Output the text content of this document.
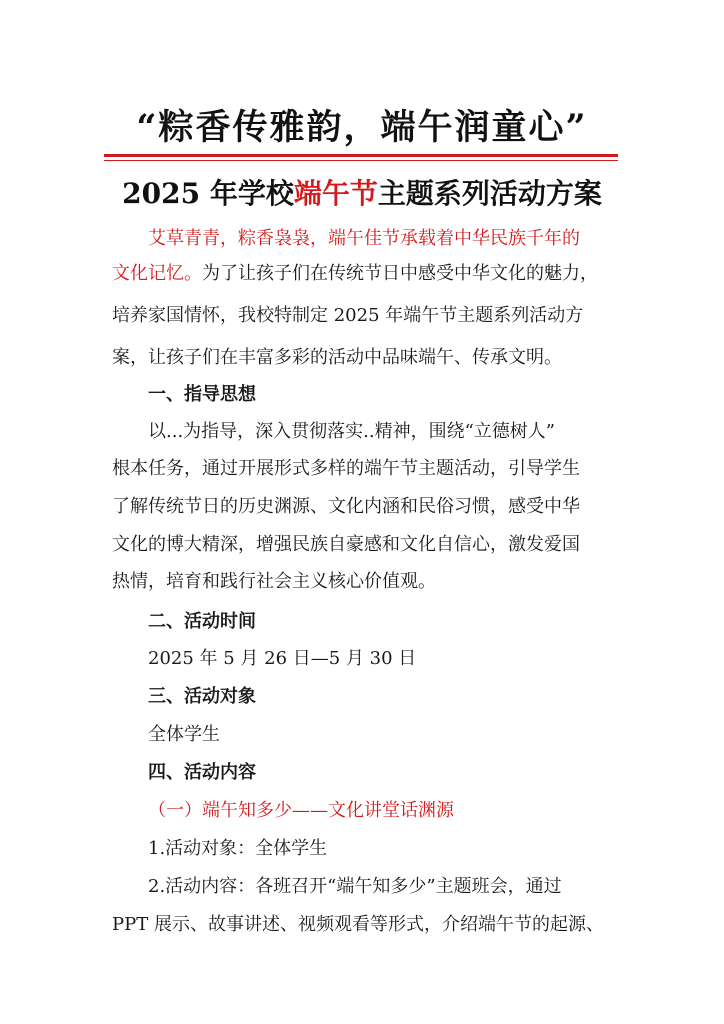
“粽香传雅韵，端午润童心”
2025 年学校端午节主题系列活动方案
艾草青青，粽香袅袅，端午佳节承载着中华民族千年的
文化记忆。为了让孩子们在传统节日中感受中华文化的魅力，
培养家国情怀，我校特制定 2025 年端午节主题系列活动方
案，让孩子们在丰富多彩的活动中品味端午、传承文明。
一、指导思想
以...为指导，深入贯彻落实..精神，围绕“立德树人”
根本任务，通过开展形式多样的端午节主题活动，引导学生
了解传统节日的历史渊源、文化内涵和民俗习惯，感受中华
文化的博大精深，增强民族自豪感和文化自信心，激发爱国
热情，培育和践行社会主义核心价值观。
二、活动时间
2025 年 5 月 26 日—5 月 30 日
三、活动对象
全体学生
四、活动内容
（一）端午知多少——文化讲堂话渊源
1.活动对象：全体学生
2.活动内容：各班召开“端午知多少”主题班会，通过
PPT 展示、故事讲述、视频观看等形式，介绍端午节的起源、
